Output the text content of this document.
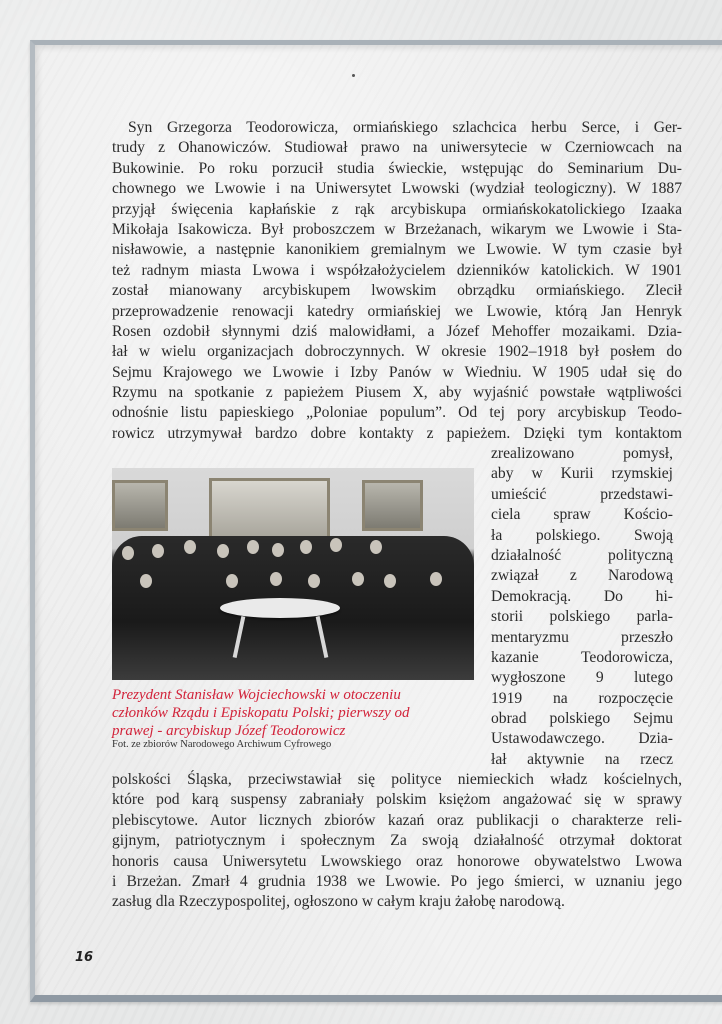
Syn Grzegorza Teodorowicza, ormiańskiego szlachcica herbu Serce, i Ger-
trudy z Ohanowiczów. Studiował prawo na uniwersytecie w Czerniowcach na
Bukowinie. Po roku porzucił studia świeckie, wstępując do Seminarium Du-
chownego we Lwowie i na Uniwersytet Lwowski (wydział teologiczny). W 1887
przyjął święcenia kapłańskie z rąk arcybiskupa ormiańskokatolickiego Izaaka
Mikołaja Isakowicza. Był proboszczem w Brzeżanach, wikarym we Lwowie i Sta-
nisławowie, a następnie kanonikiem gremialnym we Lwowie. W tym czasie był
też radnym miasta Lwowa i współzałożycielem dzienników katolickich. W 1901
został mianowany arcybiskupem lwowskim obrządku ormiańskiego. Zlecił
przeprowadzenie renowacji katedry ormiańskiej we Lwowie, którą Jan Henryk
Rosen ozdobił słynnymi dziś malowidłami, a Józef Mehoffer mozaikami. Dzia-
łał w wielu organizacjach dobroczynnych. W okresie 1902–1918 był posłem do
Sejmu Krajowego we Lwowie i Izby Panów w Wiedniu. W 1905 udał się do
Rzymu na spotkanie z papieżem Piusem X, aby wyjaśnić powstałe wątpliwości
odnośnie listu papieskiego „Poloniae populum”. Od tej pory arcybiskup Teodo-
rowicz utrzymywał bardzo dobre kontakty z papieżem. Dzięki tym kontaktom
zrealizowano pomysł,
aby w Kurii rzymskiej
umieścić przedstawi-
ciela spraw Kościo-
ła polskiego. Swoją
działalność polityczną
związał z Narodową
Demokracją. Do hi-
storii polskiego parla-
mentaryzmu przeszło
kazanie Teodorowicza,
wygłoszone 9 lutego
1919 na rozpoczęcie
obrad polskiego Sejmu
Ustawodawczego. Dzia-
łał aktywnie na rzecz
Prezydent Stanisław Wojciechowski w otoczeniu
członków Rządu i Episkopatu Polski; pierwszy od
prawej - arcybiskup Józef Teodorowicz
Fot. ze zbiorów Narodowego Archiwum Cyfrowego
polskości Śląska, przeciwstawiał się polityce niemieckich władz kościelnych,
które pod karą suspensy zabraniały polskim księżom angażować się w sprawy
plebiscytowe. Autor licznych zbiorów kazań oraz publikacji o charakterze reli-
gijnym, patriotycznym i społecznym Za swoją działalność otrzymał doktorat
honoris causa Uniwersytetu Lwowskiego oraz honorowe obywatelstwo Lwowa
i Brzeżan. Zmarł 4 grudnia 1938 we Lwowie. Po jego śmierci, w uznaniu jego
zasług dla Rzeczypospolitej, ogłoszono w całym kraju żałobę narodową.
16
